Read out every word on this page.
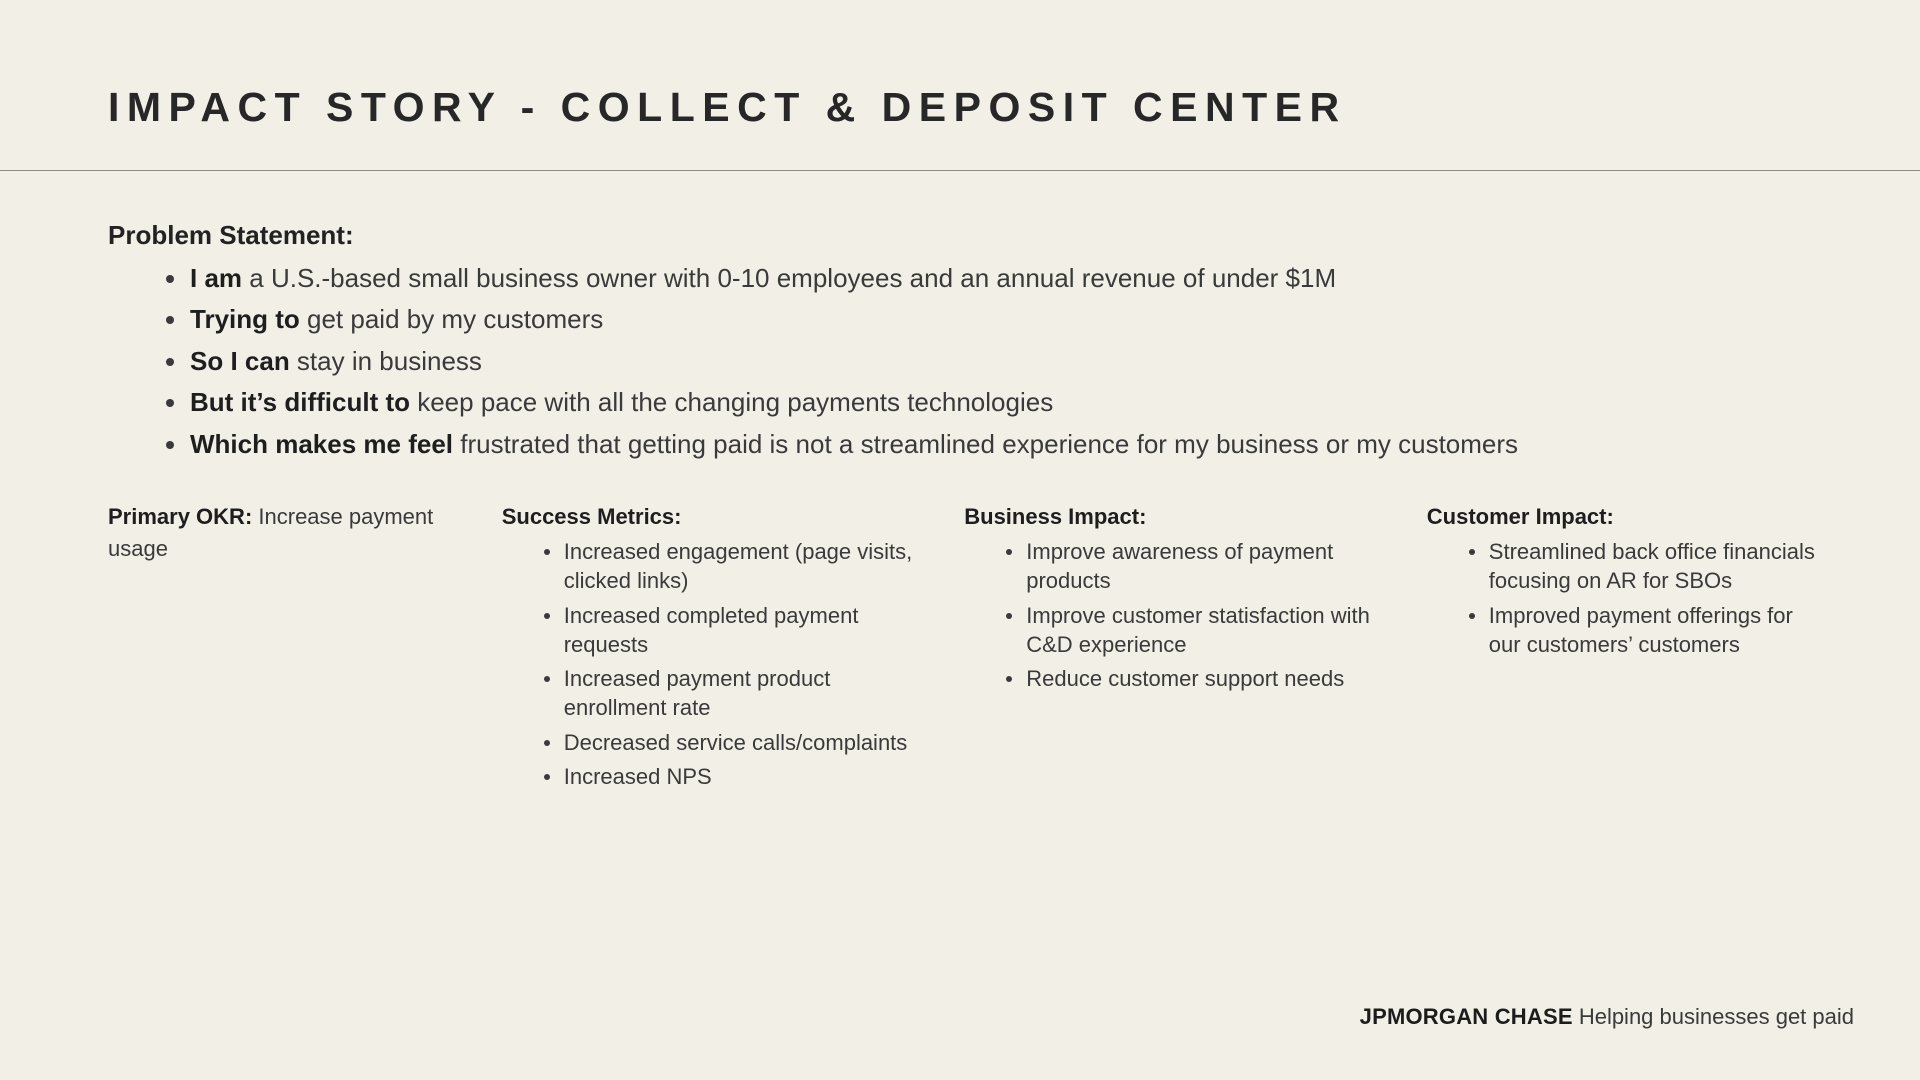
IMPACT STORY - COLLECT & DEPOSIT CENTER
Problem Statement:
I am a U.S.-based small business owner with 0-10 employees and an annual revenue of under $1M
Trying to get paid by my customers
So I can stay in business
But it’s difficult to keep pace with all the changing payments technologies
Which makes me feel frustrated that getting paid is not a streamlined experience for my business or my customers
Primary OKR: Increase payment usage
Success Metrics:
Increased engagement (page visits, clicked links)
Increased completed payment requests
Increased payment product enrollment rate
Decreased service calls/complaints
Increased NPS
Business Impact:
Improve awareness of payment products
Improve customer statisfaction with C&D experience
Reduce customer support needs
Customer Impact:
Streamlined back office financials focusing on AR for SBOs
Improved payment offerings for our customers’ customers
JPMORGAN CHASE Helping businesses get paid
